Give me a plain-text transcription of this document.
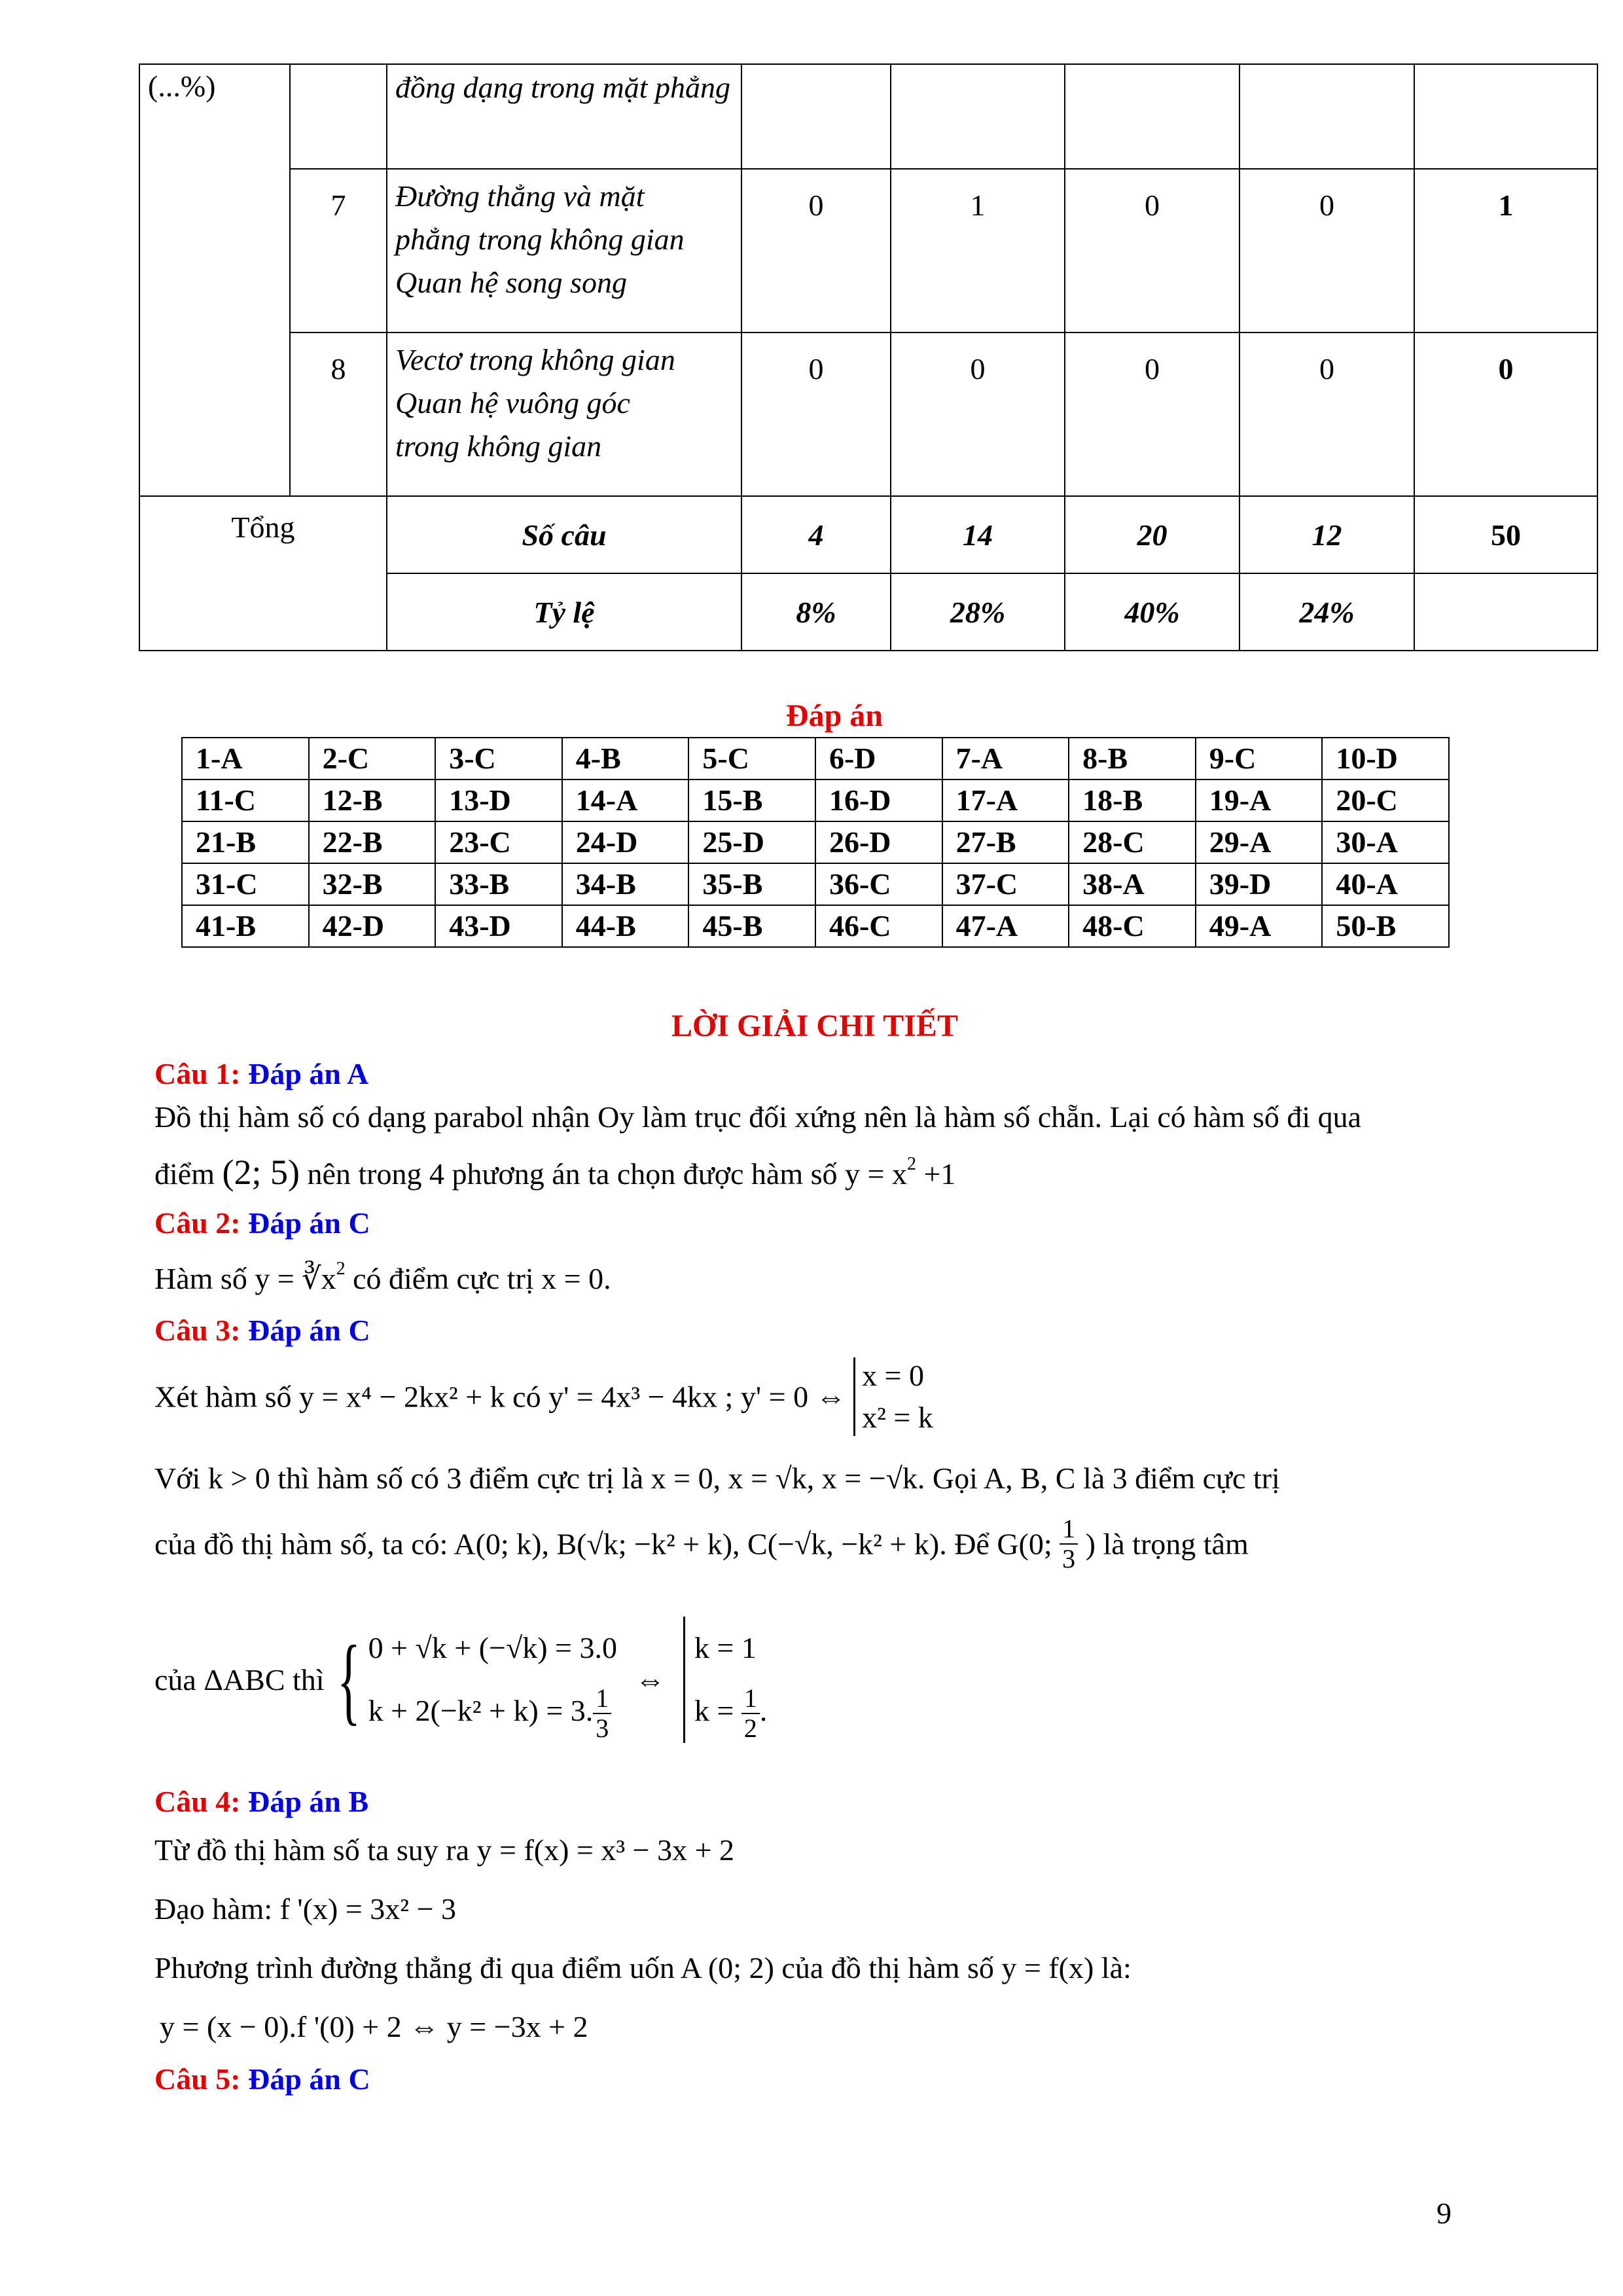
(...%)		đồng dạng trong mặt phẳng					
	7	Đường thẳng và mặt
phẳng trong không gian
Quan hệ song song	0	1	0	0	1
	8	Vectơ trong không gian
Quan hệ vuông góc
trong không gian	0	0	0	0	0
Tổng		Số câu	4	14	20	12	50
		Tỷ lệ	8%	28%	40%	24%	
Đáp án
1-A	2-C	3-C	4-B	5-C	6-D	7-A	8-B	9-C	10-D
11-C	12-B	13-D	14-A	15-B	16-D	17-A	18-B	19-A	20-C
21-B	22-B	23-C	24-D	25-D	26-D	27-B	28-C	29-A	30-A
31-C	32-B	33-B	34-B	35-B	36-C	37-C	38-A	39-D	40-A
41-B	42-D	43-D	44-B	45-B	46-C	47-A	48-C	49-A	50-B
LỜI GIẢI CHI TIẾT
Câu 1: Đáp án A
Đồ thị hàm số có dạng parabol nhận Oy làm trục đối xứng nên là hàm số chẵn. Lại có hàm số đi qua
điểm (2; 5) nên trong 4 phương án ta chọn được hàm số $y = x^2 +1$
Câu 2: Đáp án C
Hàm số $y = ∛x^2$ có điểm cực trị x = 0.
Câu 3: Đáp án C
Xét hàm số y = x⁴ − 2kx² + k có y' = 4x³ − 4kx ; y' = 0 ⇔
x = 0
x² = k
Với k > 0 thì hàm số có 3 điểm cực trị là x = 0, x = √k, x = −√k. Gọi A, B, C là 3 điểm cực trị
của đồ thị hàm số, ta có: A(0; k), B(√k; −k² + k), C(−√k, −k² + k). Để G(0; $\frac{1}{3}$ ) là trọng tâm
của ΔABC thì { 0 + √k + (−√k) = 3.0
k + 2(−k² + k) = 3. $\frac{1}{3}$
⇔
k = 1
$k = \frac{1}{2}$ .
Câu 4: Đáp án B
Từ đồ thị hàm số ta suy ra y = f(x) = x³ − 3x + 2
Đạo hàm: f '(x) = 3x² − 3
Phương trình đường thẳng đi qua điểm uốn A (0; 2) của đồ thị hàm số y = f(x) là:
y = (x − 0).f '(0) + 2 ⇔ y = −3x + 2
Câu 5: Đáp án C
9
